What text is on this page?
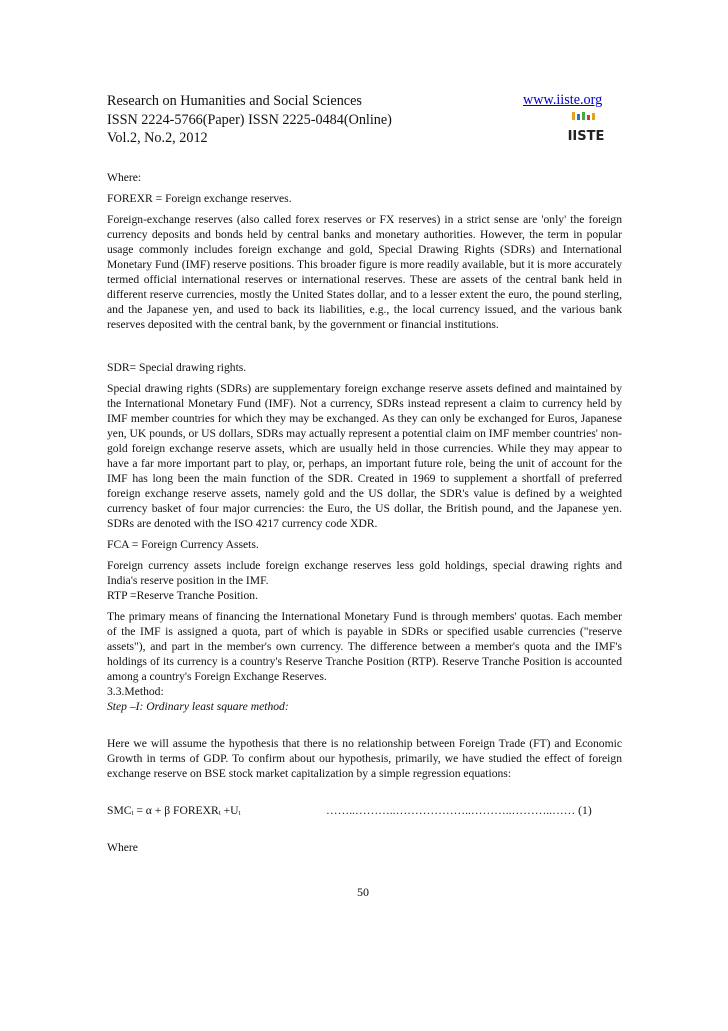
Research on Humanities and Social Sciences
ISSN 2224-5766(Paper) ISSN 2225-0484(Online)
Vol.2, No.2, 2012
www.iiste.org
IISTE

Where:

FOREXR = Foreign exchange reserves.

Foreign-exchange reserves (also called forex reserves or FX reserves) in a strict sense are 'only' the foreign currency deposits and bonds held by central banks and monetary authorities. However, the term in popular usage commonly includes foreign exchange and gold, Special Drawing Rights (SDRs) and International Monetary Fund (IMF) reserve positions. This broader figure is more readily available, but it is more accurately termed official international reserves or international reserves. These are assets of the central bank held in different reserve currencies, mostly the United States dollar, and to a lesser extent the euro, the pound sterling, and the Japanese yen, and used to back its liabilities, e.g., the local currency issued, and the various bank reserves deposited with the central bank, by the government or financial institutions.

SDR= Special drawing rights.

Special drawing rights (SDRs) are supplementary foreign exchange reserve assets defined and maintained by the International Monetary Fund (IMF). Not a currency, SDRs instead represent a claim to currency held by IMF member countries for which they may be exchanged. As they can only be exchanged for Euros, Japanese yen, UK pounds, or US dollars, SDRs may actually represent a potential claim on IMF member countries' non-gold foreign exchange reserve assets, which are usually held in those currencies. While they may appear to have a far more important part to play, or, perhaps, an important future role, being the unit of account for the IMF has long been the main function of the SDR. Created in 1969 to supplement a shortfall of preferred foreign exchange reserve assets, namely gold and the US dollar, the SDR's value is defined by a weighted currency basket of four major currencies: the Euro, the US dollar, the British pound, and the Japanese yen. SDRs are denoted with the ISO 4217 currency code XDR.

FCA = Foreign Currency Assets.

Foreign currency assets include foreign exchange reserves less gold holdings, special drawing rights and India's reserve position in the IMF.

RTP =Reserve Tranche Position.

The primary means of financing the International Monetary Fund is through members' quotas. Each member of the IMF is assigned a quota, part of which is payable in SDRs or specified usable currencies ("reserve assets"), and part in the member's own currency. The difference between a member's quota and the IMF's holdings of its currency is a country's Reserve Tranche Position (RTP). Reserve Tranche Position is accounted among a country's Foreign Exchange Reserves.

3.3.Method:

Step –I: Ordinary least square method:

Here we will assume the hypothesis that there is no relationship between Foreign Trade (FT) and Economic Growth in terms of GDP. To confirm about our hypothesis, primarily, we have studied the effect of foreign exchange reserve on BSE stock market capitalization by a simple regression equations:

$SMC_t = \alpha + \beta$ $FOREXR_t +U_t$	……..………..………………..………..………..…… (1)

Where

50
